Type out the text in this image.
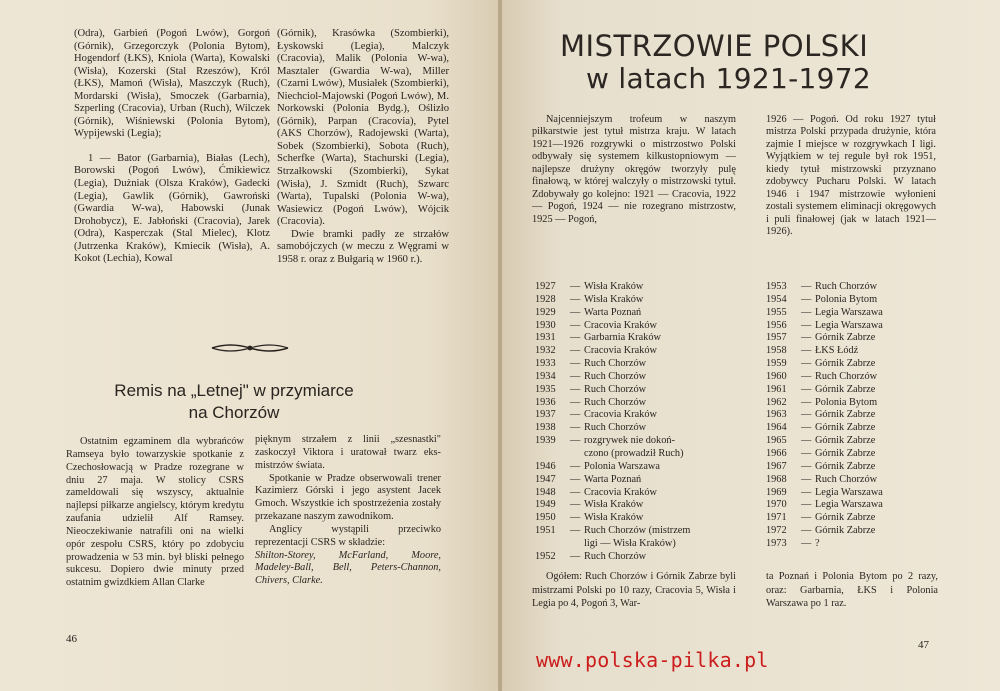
(Odra), Garbień (Pogoń Lwów), Gorgoń (Górnik), Grzegorczyk (Polonia Bytom), Hogendorf (ŁKS), Kniola (Warta), Kowalski (Wisła), Kozerski (Stal Rzeszów), Król (ŁKS), Mamoń (Wisła), Maszczyk (Ruch), Mordarski (Wisła), Smoczek (Garbarnia), Szperling (Cracovia), Urban (Ruch), Wilczek (Górnik), Wiśniewski (Polonia Bytom), Wypijewski (Legia);

1 — Bator (Garbarnia), Białas (Lech), Borowski (Pogoń Lwów), Ćmikiewicz (Legia), Dużniak (Olsza Kraków), Gadecki (Legia), Gawlik (Górnik), Gawroński (Gwardia W-wa), Habowski (Junak Drohobycz), E. Jabłoński (Cracovia), Jarek (Odra), Kasperczak (Stal Mielec), Klotz (Jutrzenka Kraków), Kmiecik (Wisła), A. Kokot (Lechia), Kowal

(Górnik), Krasówka (Szombierki), Łyskowski (Legia), Malczyk (Cracovia), Malik (Polonia W-wa), Masztaler (Gwardia W-wa), Miller (Czarni Lwów), Musiałek (Szombierki), Niechciol-Majowski (Pogoń Lwów), M. Norkowski (Polonia Bydg.), Oślizło (Górnik), Parpan (Cracovia), Pytel (AKS Chorzów), Radojewski (Warta), Sobek (Szombierki), Sobota (Ruch), Scherfke (Warta), Stachurski (Legia), Strzałkowski (Szombierki), Sykat (Wisła), J. Szmidt (Ruch), Szwarc (Warta), Tupalski (Polonia W-wa), Wasiewicz (Pogoń Lwów), Wójcik (Cracovia).

Dwie bramki padły ze strzałów samobójczych (w meczu z Węgrami w 1958 r. oraz z Bułgarią w 1960 r.).

Remis na „Letnej" w przymiarce
na Chorzów

Ostatnim egzaminem dla wybrańców Ramseya było towarzyskie spotkanie z Czechosłowacją w Pradze rozegrane w dniu 27 maja. W stolicy CSRS zameldowali się wszyscy, aktualnie najlepsi piłkarze angielscy, którym kredytu zaufania udzielił Alf Ramsey. Nieoczekiwanie natrafili oni na wielki opór zespołu CSRS, który po zdobyciu prowadzenia w 53 min. był bliski pełnego sukcesu. Dopiero dwie minuty przed ostatnim gwizdkiem Allan Clarke

pięknym strzałem z linii „szesnastki" zaskoczył Viktora i uratował twarz eks-mistrzów świata.

Spotkanie w Pradze obserwowali trener Kazimierz Górski i jego asystent Jacek Gmoch. Wszystkie ich spostrzeżenia zostały przekazane naszym zawodnikom.

Anglicy wystąpili przeciwko reprezentacji CSRS w składzie:

Shilton-Storey, McFarland, Moore, Madeley-Ball, Bell, Peters-Channon, Chivers, Clarke.

46
MISTRZOWIE POLSKI
w latach 1921-1972

Najcenniejszym trofeum w naszym piłkarstwie jest tytuł mistrza kraju. W latach 1921—1926 rozgrywki o mistrzostwo Polski odbywały się systemem kilkustopniowym — najlepsze drużyny okręgów tworzyły pulę finałową, w której walczyły o mistrzowski tytuł. Zdobywały go kolejno: 1921 — Cracovia, 1922 — Pogoń, 1924 — nie rozegrano mistrzostw, 1925 — Pogoń,

1926 — Pogoń. Od roku 1927 tytuł mistrza Polski przypada drużynie, która zajmie I miejsce w rozgrywkach I ligi. Wyjątkiem w tej regule był rok 1951, kiedy tytuł mistrzowski przyznano zdobywcy Pucharu Polski. W latach 1946 i 1947 mistrzowie wyłonieni zostali systemem eliminacji okręgowych i puli finałowej (jak w latach 1921—1926).

1927	— Wisła Kraków
1928	— Wisła Kraków
1929	— Warta Poznań
1930	— Cracovia Kraków
1931	— Garbarnia Kraków
1932	— Cracovia Kraków
1933	— Ruch Chorzów
1934	— Ruch Chorzów
1935	— Ruch Chorzów
1936	— Ruch Chorzów
1937	— Cracovia Kraków
1938	— Ruch Chorzów
1939	— rozgrywek nie dokoń-
czono (prowadził Ruch)
1946	— Polonia Warszawa
1947	— Warta Poznań
1948	— Cracovia Kraków
1949	— Wisła Kraków
1950	— Wisła Kraków
1951	— Ruch Chorzów (mistrzem
ligi — Wisła Kraków)
1952	— Ruch Chorzów
1953	— Ruch Chorzów
1954	— Polonia Bytom
1955	— Legia Warszawa
1956	— Legia Warszawa
1957	— Górnik Zabrze
1958	— ŁKS Łódź
1959	— Górnik Zabrze
1960	— Ruch Chorzów
1961	— Górnik Zabrze
1962	— Polonia Bytom
1963	— Górnik Zabrze
1964	— Górnik Zabrze
1965	— Górnik Zabrze
1966	— Górnik Zabrze
1967	— Górnik Zabrze
1968	— Ruch Chorzów
1969	— Legia Warszawa
1970	— Legia Warszawa
1971	— Górnik Zabrze
1972	— Górnik Zabrze
1973	— ?

Ogółem: Ruch Chorzów i Górnik Zabrze byli mistrzami Polski po 10 razy, Cracovia 5, Wisła i Legia po 4, Pogoń 3, War-

ta Poznań i Polonia Bytom po 2 razy, oraz: Garbarnia, ŁKS i Polonia Warszawa po 1 raz.

47
www.polska-pilka.pl
